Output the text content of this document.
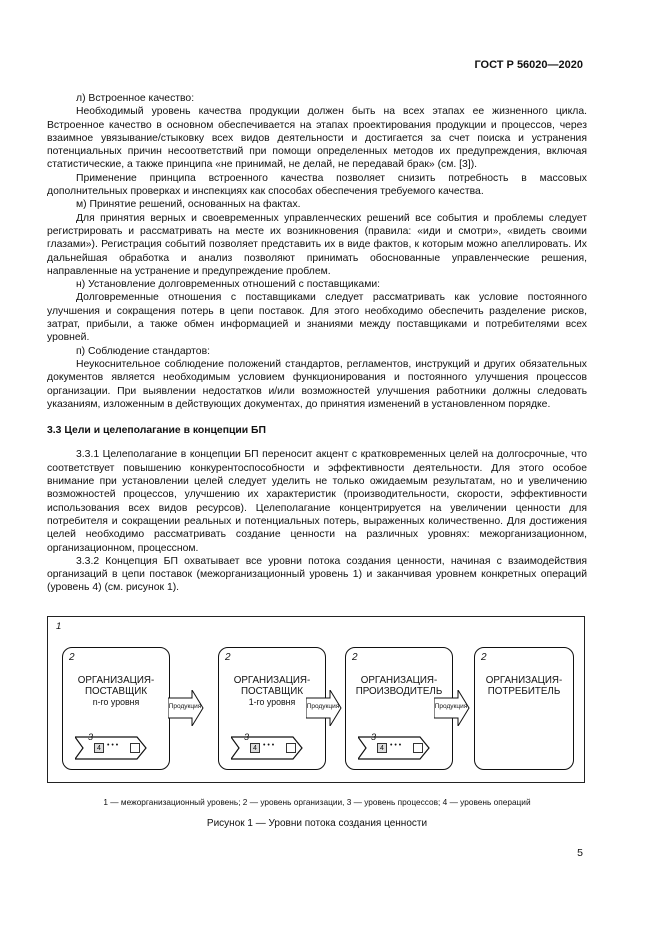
ГОСТ Р 56020—2020

л) Встроенное качество:

Необходимый уровень качества продукции должен быть на всех этапах ее жизненного цикла. Встроенное качество в основном обеспечивается на этапах проектирования продукции и процессов, через взаимное увязывание/стыковку всех видов деятельности и достигается за счет поиска и устранения потенциальных причин несоответствий при помощи определенных методов их предупреждения, включая статистические, а также принципа «не принимай, не делай, не передавай брак» (см. [3]).

Применение принципа встроенного качества позволяет снизить потребность в массовых дополнительных проверках и инспекциях как способах обеспечения требуемого качества.

м) Принятие решений, основанных на фактах.

Для принятия верных и своевременных управленческих решений все события и проблемы следует регистрировать и рассматривать на месте их возникновения (правила: «иди и смотри», «видеть своими глазами»). Регистрация событий позволяет представить их в виде фактов, к которым можно апеллировать. Их дальнейшая обработка и анализ позволяют принимать обоснованные управленческие решения, направленные на устранение и предупреждение проблем.

н) Установление долговременных отношений с поставщиками:

Долговременные отношения с поставщиками следует рассматривать как условие постоянного улучшения и сокращения потерь в цепи поставок. Для этого необходимо обеспечить разделение рисков, затрат, прибыли, а также обмен информацией и знаниями между поставщиками и потребителями всех уровней.

п) Соблюдение стандартов:

Неукоснительное соблюдение положений стандартов, регламентов, инструкций и других обязательных документов является необходимым условием функционирования и постоянного улучшения процессов организации. При выявлении недостатков и/или возможностей улучшения работники должны следовать указаниям, изложенным в действующих документах, до принятия изменений в установленном порядке.

3.3 Цели и целеполагание в концепции БП

3.3.1 Целеполагание в концепции БП переносит акцент с кратковременных целей на долгосрочные, что соответствует повышению конкурентоспособности и эффективности деятельности. Для этого особое внимание при установлении целей следует уделить не только ожидаемым результатам, но и увеличению возможностей процессов, улучшению их характеристик (производительности, скорости, эффективности использования всех видов ресурсов). Целеполагание концентрируется на увеличении ценности для потребителя и сокращении реальных и потенциальных потерь, выраженных количественно. Для достижения целей необходимо рассматривать создание ценности на различных уровнях: межорганизационном, организационном, процессном.

3.3.2 Концепция БП охватывает все уровни потока создания ценности, начиная с взаимодействия организаций в цепи поставок (межорганизационный уровень 1) и заканчивая уровнем конкретных операций (уровень 4) (см. рисунок 1).

1
2
ОРГАНИЗАЦИЯ-ПОСТАВЩИК
n-го уровня
3
4 • • •
Продукция
2
ОРГАНИЗАЦИЯ-ПОСТАВЩИК
1-го уровня
3
4 • • •
Продукция
2
ОРГАНИЗАЦИЯ-ПРОИЗВОДИТЕЛЬ
3
4 • • •
Продукция
2
ОРГАНИЗАЦИЯ-ПОТРЕБИТЕЛЬ
1 — межорганизационный уровень; 2 — уровень организации, 3 — уровень процессов; 4 — уровень операций
Рисунок 1 — Уровни потока создания ценности
5
